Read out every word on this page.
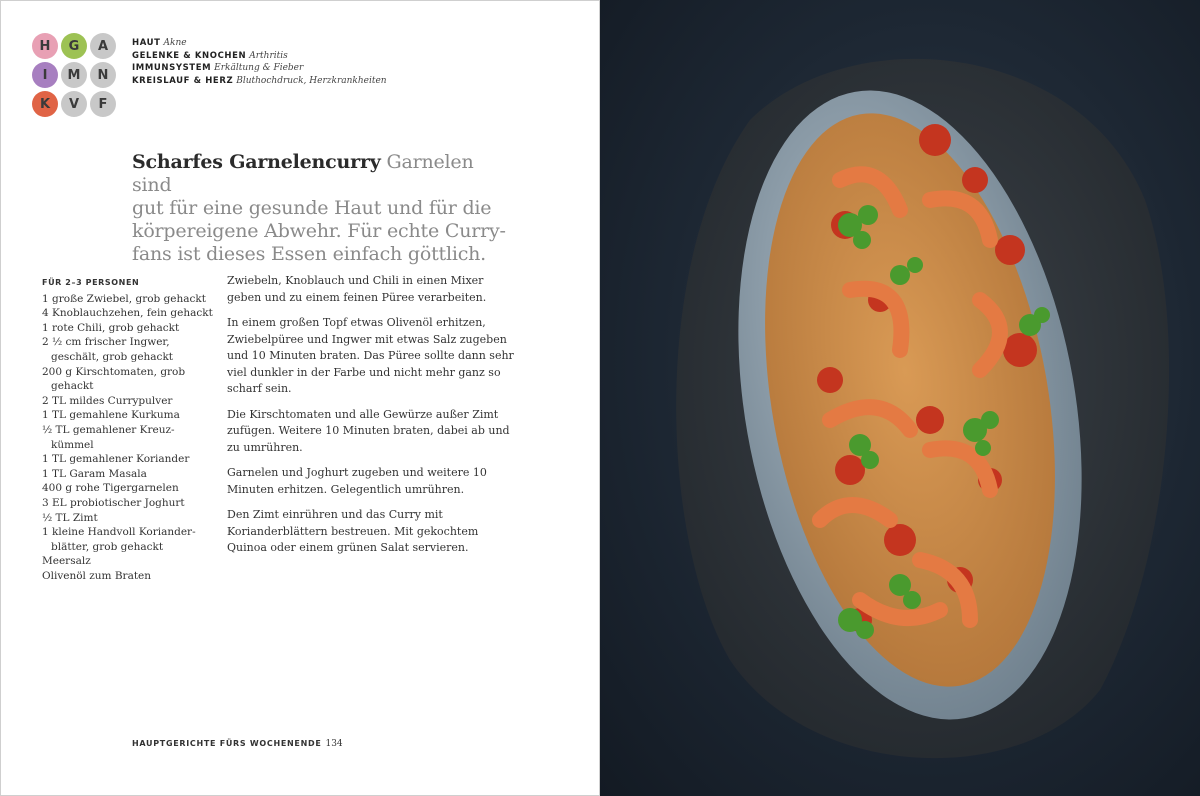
H	G	A
I	M	N
K	V	F
HAUT Akne
GELENKE & KNOCHEN Arthritis
IMMUNSYSTEM Erkältung & Fieber
KREISLAUF & HERZ Bluthochdruck, Herzkrankheiten
Scharfes Garnelencurry Garnelen sind
gut für eine gesunde Haut und für die
körpereigene Abwehr. Für echte Curry-
fans ist dieses Essen einfach göttlich.
FÜR 2–3 PERSONEN
1 große Zwiebel, grob gehackt
4 Knoblauchzehen, fein gehackt
1 rote Chili, grob gehackt
2 ½ cm frischer Ingwer, geschält, grob gehackt
200 g Kirschtomaten, grob gehackt
2 TL mildes Currypulver
1 TL gemahlene Kurkuma
½ TL gemahlener Kreuz-kümmel
1 TL gemahlener Koriander
1 TL Garam Masala
400 g rohe Tigergarnelen
3 EL probiotischer Joghurt
½ TL Zimt
1 kleine Handvoll Koriander-blätter, grob gehackt
Meersalz
Olivenöl zum Braten

Zwiebeln, Knoblauch und Chili in einen Mixer geben und zu einem feinen Püree verarbeiten.

In einem großen Topf etwas Olivenöl erhitzen, Zwiebelpüree und Ingwer mit etwas Salz zugeben und 10 Minuten braten. Das Püree sollte dann sehr viel dunkler in der Farbe und nicht mehr ganz so scharf sein.

Die Kirschtomaten und alle Gewürze außer Zimt zufügen. Weitere 10 Minuten braten, dabei ab und zu umrühren.

Garnelen und Joghurt zugeben und weitere 10 Minuten erhitzen. Gelegentlich umrühren.

Den Zimt einrühren und das Curry mit Korianderblättern bestreuen. Mit gekochtem Quinoa oder einem grünen Salat servieren.

HAUPTGERICHTE FÜRS WOCHENENDE 134
